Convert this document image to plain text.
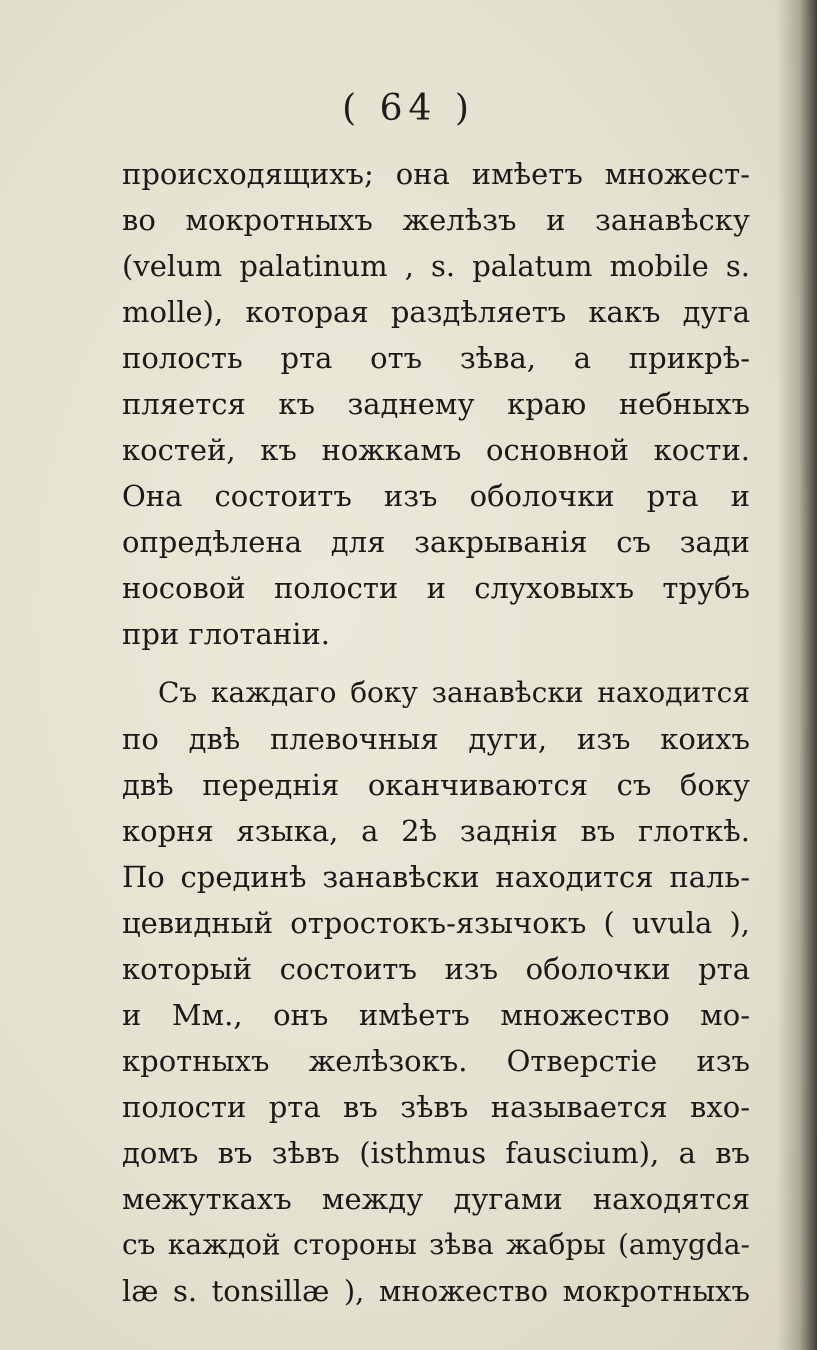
( 64 )
происходящихъ; она имѣетъ множест-
во мокротныхъ желѣзъ и занавѣску
(velum palatinum , s. palatum mobile s.
molle), которая раздѣляетъ какъ дуга
полость рта отъ зѣва, а прикрѣ-
пляется къ заднему краю небныхъ
костей, къ ножкамъ основной кости.
Она состоитъ изъ оболочки рта и
опредѣлена для закрыванія съ зади
носовой полости и слуховыхъ трубъ
при глотаніи.
Съ каждаго боку занавѣски находится
по двѣ плевочныя дуги, изъ коихъ
двѣ переднія оканчиваются съ боку
корня языка, а 2ѣ заднія въ глоткѣ.
По срединѣ занавѣски находится паль-
цевидный отростокъ-язычокъ ( uvula ),
который состоитъ изъ оболочки рта
и Мм., онъ имѣетъ множество мо-
кротныхъ желѣзокъ. Отверстіе изъ
полости рта въ зѣвъ называется вхо-
домъ въ зѣвъ (isthmus fauscium), а въ
межуткахъ между дугами находятся
съ каждой стороны зѣва жабры (amygda-
læ s. tonsillæ ), множество мокротныхъ
